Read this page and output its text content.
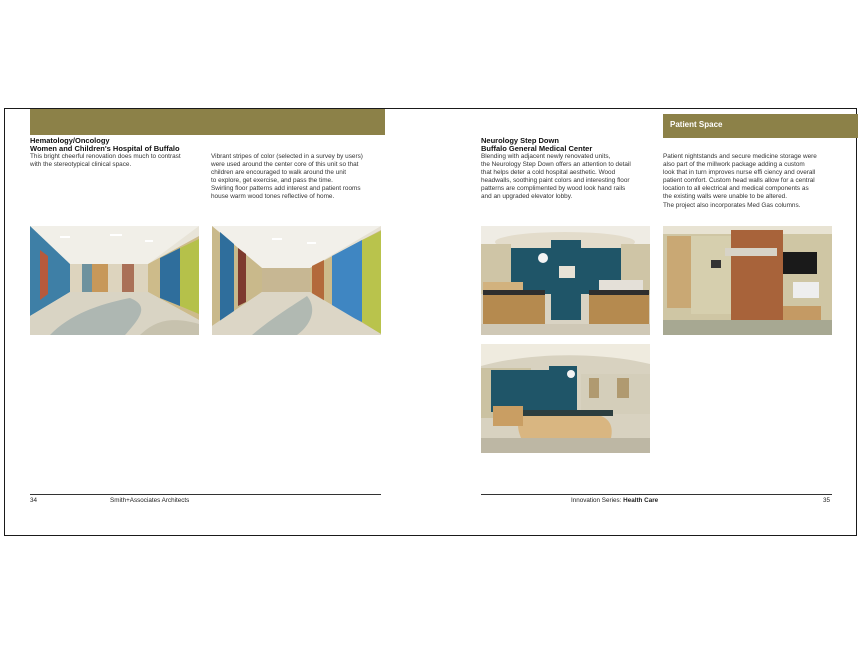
Hematology/Oncology
Women and Children's Hospital of Buffalo
This bright cheerful renovation does much to contrast
with the stereotypical clinical space.
Vibrant stripes of color (selected in a survey by users)
were used around the center core of this unit so that
children are encouraged to walk around the unit
to explore, get exercise, and pass the time.
Swirling floor patterns add interest and patient rooms
house warm wood tones reflective of home.
34	Smith+Associates Architects
Patient Space
Neurology Step Down
Buffalo General Medical Center
Blending with adjacent newly renovated units,
the Neurology Step Down offers an attention to detail
that helps deter a cold hospital aesthetic. Wood
headwalls, soothing paint colors and interesting floor
patterns are complimented by wood look hand rails
and an upgraded elevator lobby.
Patient nightstands and secure medicine storage were
also part of the millwork package adding a custom
look that in turn improves nurse effi ciency and overall
patient comfort. Custom head walls allow for a central
location to all electrical and medical components as
the existing walls were unable to be altered.
The project also incorporates Med Gas columns.
Innovation Series: Health Care	35
